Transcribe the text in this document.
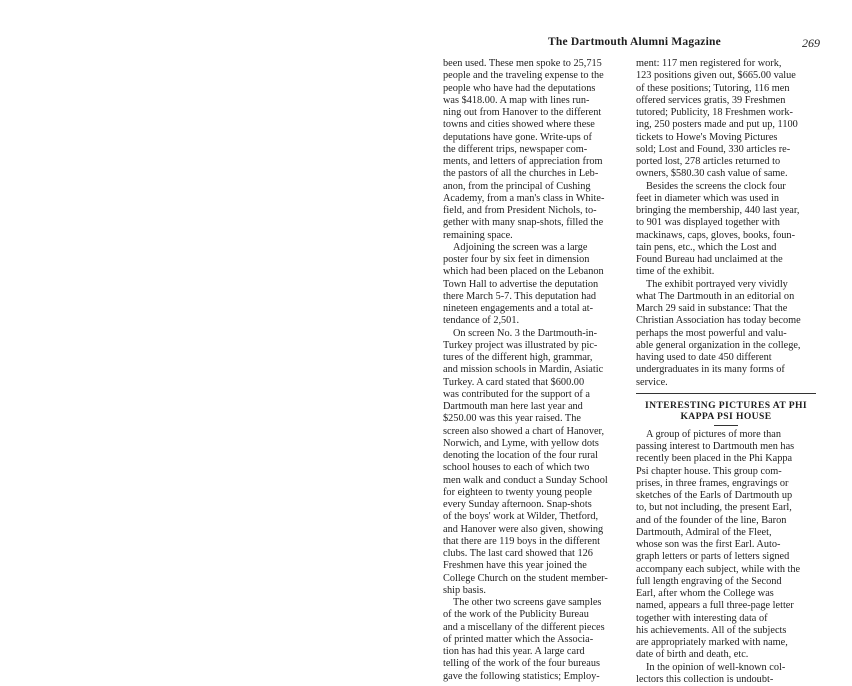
The Dartmouth Alumni Magazine	269
been used. These men spoke to 25,715
people and the traveling expense to the
people who have had the deputations
was $418.00. A map with lines run-
ning out from Hanover to the different
towns and cities showed where these
deputations have gone. Write-ups of
the different trips, newspaper com-
ments, and letters of appreciation from
the pastors of all the churches in Leb-
anon, from the principal of Cushing
Academy, from a man's class in White-
field, and from President Nichols, to-
gether with many snap-shots, filled the
remaining space.
Adjoining the screen was a large
poster four by six feet in dimension
which had been placed on the Lebanon
Town Hall to advertise the deputation
there March 5-7. This deputation had
nineteen engagements and a total at-
tendance of 2,501.
On screen No. 3 the Dartmouth-in-
Turkey project was illustrated by pic-
tures of the different high, grammar,
and mission schools in Mardin, Asiatic
Turkey. A card stated that $600.00
was contributed for the support of a
Dartmouth man here last year and
$250.00 was this year raised. The
screen also showed a chart of Hanover,
Norwich, and Lyme, with yellow dots
denoting the location of the four rural
school houses to each of which two
men walk and conduct a Sunday School
for eighteen to twenty young people
every Sunday afternoon. Snap-shots
of the boys' work at Wilder, Thetford,
and Hanover were also given, showing
that there are 119 boys in the different
clubs. The last card showed that 126
Freshmen have this year joined the
College Church on the student member-
ship basis.
The other two screens gave samples
of the work of the Publicity Bureau
and a miscellany of the different pieces
of printed matter which the Associa-
tion has had this year. A large card
telling of the work of the four bureaus
gave the following statistics; Employ-
ment: 117 men registered for work,
123 positions given out, $665.00 value
of these positions; Tutoring, 116 men
offered services gratis, 39 Freshmen
tutored; Publicity, 18 Freshmen work-
ing, 250 posters made and put up, 1100
tickets to Howe's Moving Pictures
sold; Lost and Found, 330 articles re-
ported lost, 278 articles returned to
owners, $580.30 cash value of same.
Besides the screens the clock four
feet in diameter which was used in
bringing the membership, 440 last year,
to 901 was displayed together with
mackinaws, caps, gloves, books, foun-
tain pens, etc., which the Lost and
Found Bureau had unclaimed at the
time of the exhibit.
The exhibit portrayed very vividly
what The Dartmouth in an editorial on
March 29 said in substance: That the
Christian Association has today become
perhaps the most powerful and valu-
able general organization in the college,
having used to date 450 different
undergraduates in its many forms of
service.
INTERESTING PICTURES AT PHI
KAPPA PSI HOUSE
A group of pictures of more than
passing interest to Dartmouth men has
recently been placed in the Phi Kappa
Psi chapter house. This group com-
prises, in three frames, engravings or
sketches of the Earls of Dartmouth up
to, but not including, the present Earl,
and of the founder of the line, Baron
Dartmouth, Admiral of the Fleet,
whose son was the first Earl. Auto-
graph letters or parts of letters signed
accompany each subject, while with the
full length engraving of the Second
Earl, after whom the College was
named, appears a full three-page letter
together with interesting data of
his achievements. All of the subjects
are appropriately marked with name,
date of birth and death, etc.
In the opinion of well-known col-
lectors this collection is undoubt-
